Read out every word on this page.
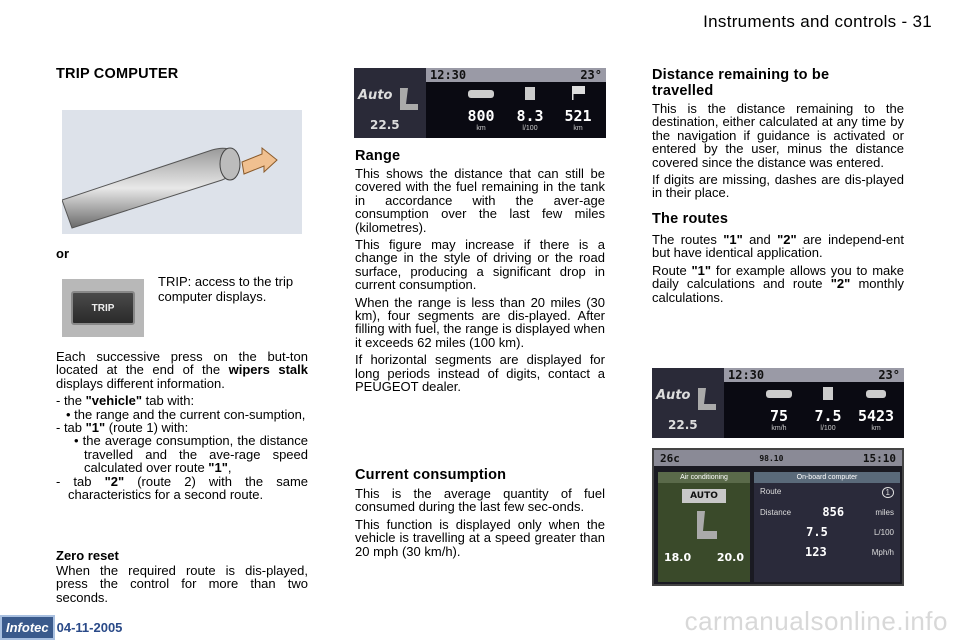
Instruments and controls - 31
TRIP COMPUTER
or
TRIP
TRIP: access to the trip computer displays.

Each successive press on the but-ton located at the end of the wipers stalk displays different information.

- the "vehicle" tab with:
• the range and the current con-sumption,
- tab "1" (route 1) with:
• the average consumption, the distance travelled and the ave-rage speed calculated over route "1",
- tab "2" (route 2) with the same characteristics for a second route.
Zero reset
When the required route is dis-played, press the control for more than two seconds.
12:30	23°
Auto
22.5	800
km
8.3
l/100
521
km
Range

This shows the distance that can still be covered with the fuel remaining in the tank in accordance with the aver-age consumption over the last few miles (kilometres).

This figure may increase if there is a change in the style of driving or the road surface, producing a significant drop in current consumption.

When the range is less than 20 miles (30 km), four segments are dis-played. After filling with fuel, the range is displayed when it exceeds 62 miles (100 km).

If horizontal segments are displayed for long periods instead of digits, contact a PEUGEOT dealer.

Current consumption

This is the average quantity of fuel consumed during the last few sec-onds.

This function is displayed only when the vehicle is travelling at a speed greater than 20 mph (30 km/h).

Distance remaining to be travelled

This is the distance remaining to the destination, either calculated at any time by the navigation if guidance is activated or entered by the user, minus the distance covered since the distance was entered.

If digits are missing, dashes are dis-played in their place.

The routes

The routes "1" and "2" are independ-ent but have identical application.

Route "1" for example allows you to make daily calculations and route "2" monthly calculations.

12:30	23°
Auto
22.5	75
km/h
7.5
l/100
5423
km
26c	98.10	15:10
Air conditioning
AUTO
18.0 20.0
On-board computer
Route	1
Distance	856	miles
7.5	L/100
123	Mph/h
Infotec 04-11-2005	carmanualsonline.info
